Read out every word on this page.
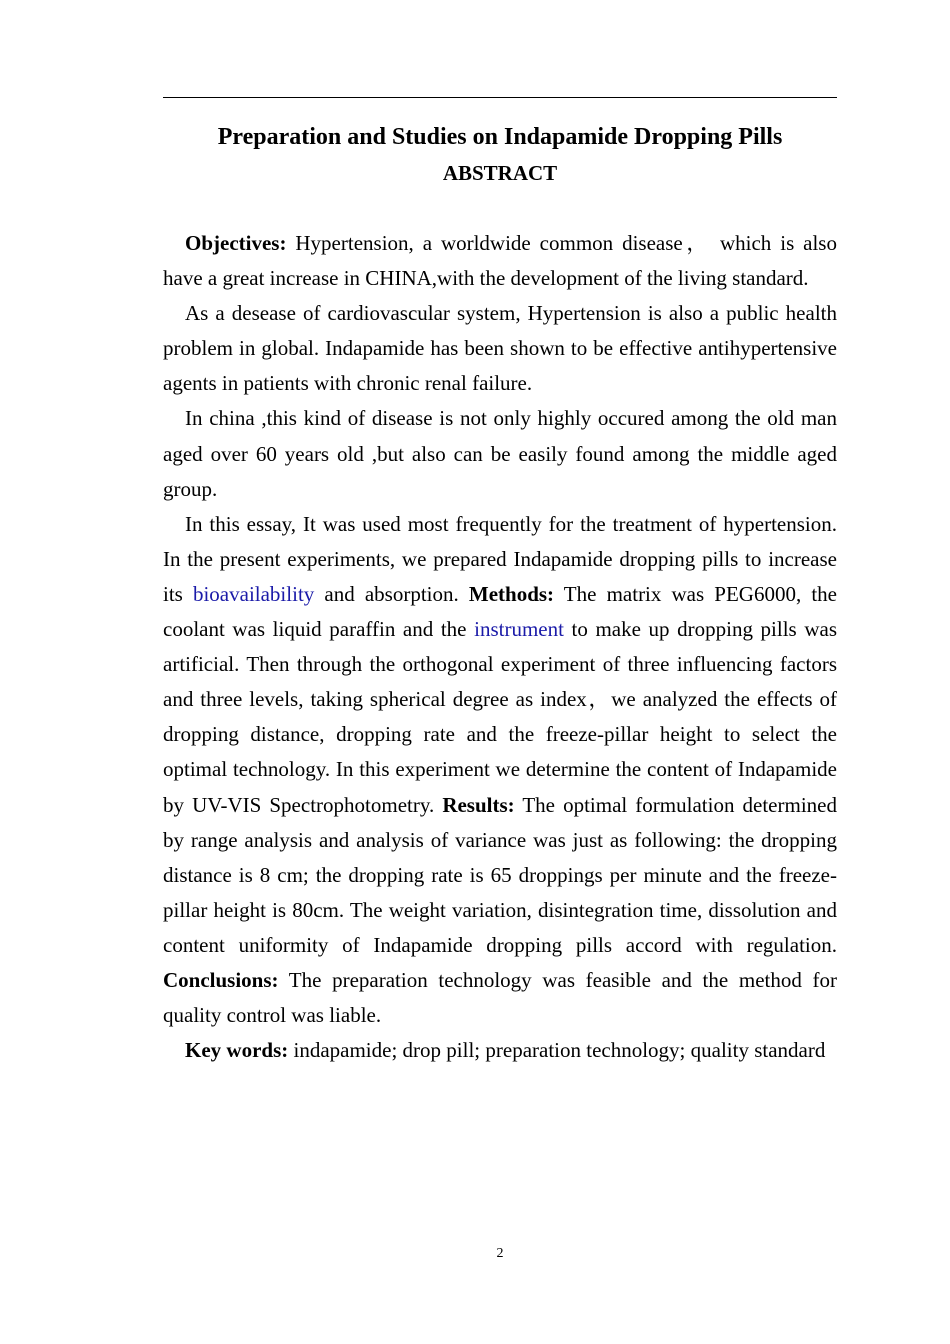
Preparation and Studies on Indapamide Dropping Pills
ABSTRACT

Objectives: Hypertension, a worldwide common disease， which is also have a great increase in CHINA,with the development of the living standard.

As a desease of cardiovascular system, Hypertension is also a public health problem in global. Indapamide has been shown to be effective antihypertensive agents in patients with chronic renal failure.

In china ,this kind of disease is not only highly occured among the old man aged over 60 years old ,but also can be easily found among the middle aged group.

In this essay, It was used most frequently for the treatment of hypertension. In the present experiments, we prepared Indapamide dropping pills to increase its bioavailability and absorption. Methods: The matrix was PEG6000, the coolant was liquid paraffin and the instrument to make up dropping pills was artificial. Then through the orthogonal experiment of three influencing factors and three levels, taking spherical degree as index，we analyzed the effects of dropping distance, dropping rate and the freeze-pillar height to select the optimal technology. In this experiment we determine the content of Indapamide by UV-VIS Spectrophotometry. Results: The optimal formulation determined by range analysis and analysis of variance was just as following: the dropping distance is 8 cm; the dropping rate is 65 droppings per minute and the freeze-pillar height is 80cm. The weight variation, disintegration time, dissolution and content uniformity of Indapamide dropping pills accord with regulation. Conclusions: The preparation technology was feasible and the method for quality control was liable.

Key words: indapamide; drop pill; preparation technology; quality standard

2
